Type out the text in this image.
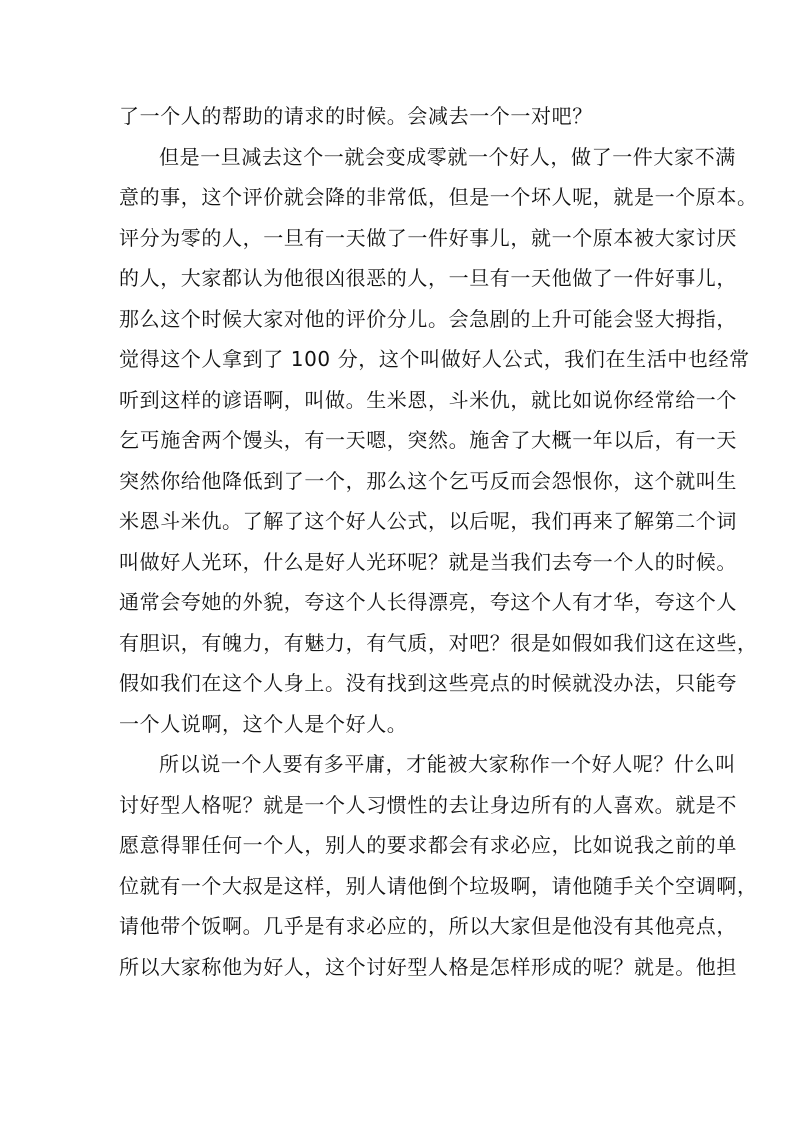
了一个人的帮助的请求的时候。会减去一个一对吧？
但是一旦减去这个一就会变成零就一个好人，做了一件大家不满
意的事，这个评价就会降的非常低，但是一个坏人呢，就是一个原本。
评分为零的人，一旦有一天做了一件好事儿，就一个原本被大家讨厌
的人，大家都认为他很凶很恶的人，一旦有一天他做了一件好事儿，
那么这个时候大家对他的评价分儿。会急剧的上升可能会竖大拇指，
觉得这个人拿到了 100 分，这个叫做好人公式，我们在生活中也经常
听到这样的谚语啊，叫做。生米恩，斗米仇，就比如说你经常给一个
乞丐施舍两个馒头，有一天嗯，突然。施舍了大概一年以后，有一天
突然你给他降低到了一个，那么这个乞丐反而会怨恨你，这个就叫生
米恩斗米仇。了解了这个好人公式，以后呢，我们再来了解第二个词
叫做好人光环，什么是好人光环呢？就是当我们去夸一个人的时候。
通常会夸她的外貌，夸这个人长得漂亮，夸这个人有才华，夸这个人
有胆识，有魄力，有魅力，有气质，对吧？很是如假如我们这在这些，
假如我们在这个人身上。没有找到这些亮点的时候就没办法，只能夸
一个人说啊，这个人是个好人。
所以说一个人要有多平庸，才能被大家称作一个好人呢？什么叫
讨好型人格呢？就是一个人习惯性的去让身边所有的人喜欢。就是不
愿意得罪任何一个人，别人的要求都会有求必应，比如说我之前的单
位就有一个大叔是这样，别人请他倒个垃圾啊，请他随手关个空调啊，
请他带个饭啊。几乎是有求必应的，所以大家但是他没有其他亮点，
所以大家称他为好人，这个讨好型人格是怎样形成的呢？就是。他担
